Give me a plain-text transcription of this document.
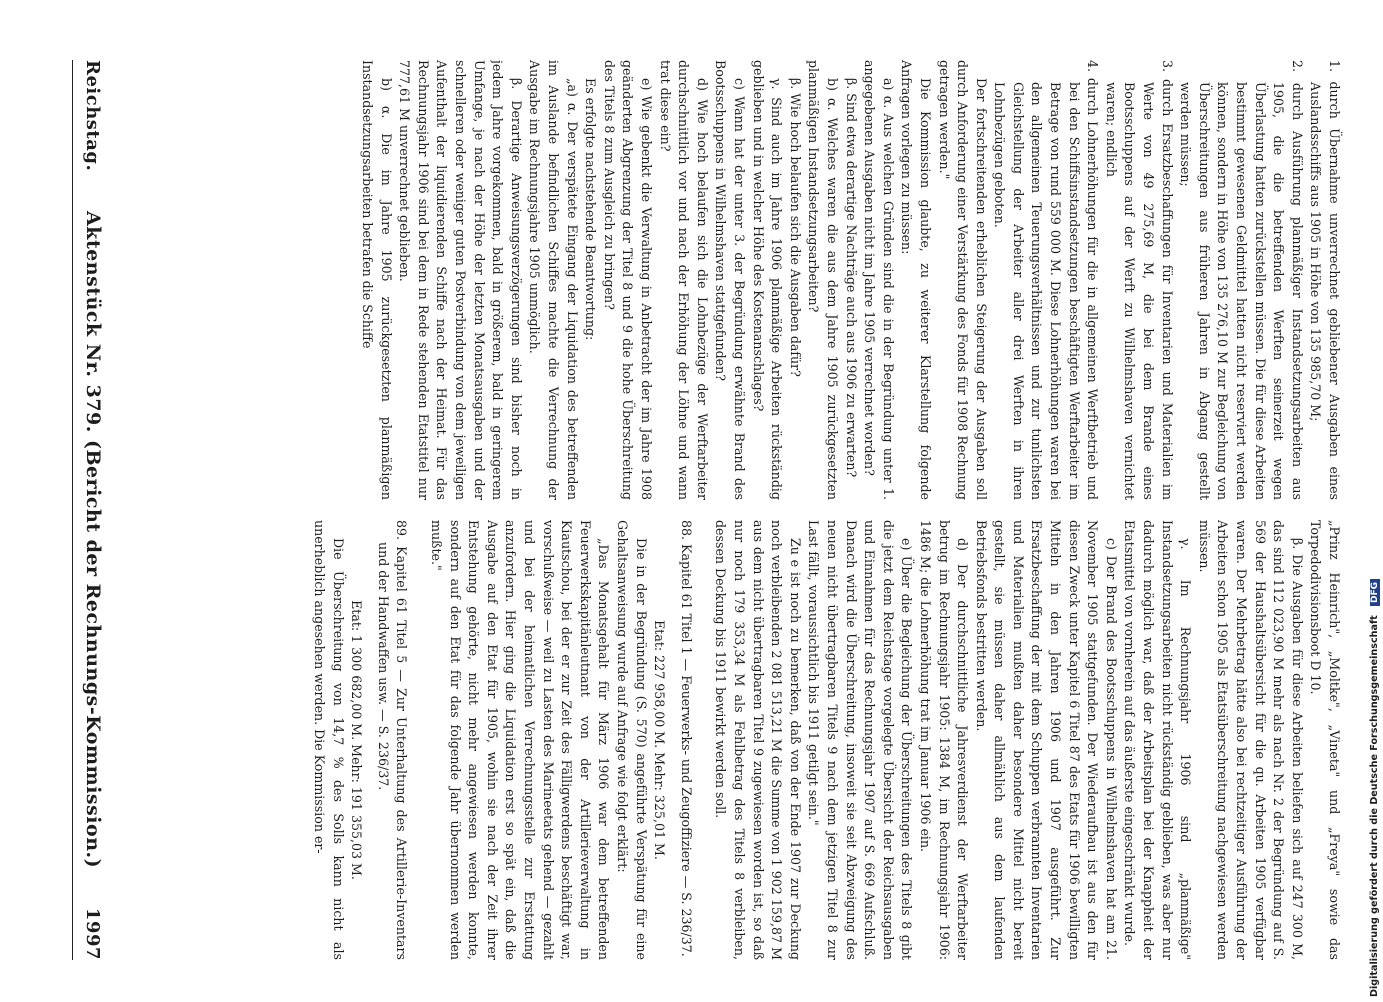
Reichstag.
Aktenstück Nr. 379. (Bericht der Rechnungs-Kommission.)
1997

1. durch Übernahme unverrechnet gebliebener Ausgaben eines Auslandsschiffs aus 1905 in Höhe von 135 985,70 M;

2. durch Ausführung planmäßiger Instandsetzungsarbeiten aus 1905, die die betreffenden Werften seinerzeit wegen Überlastung hatten zurückstellen müssen. Die für diese Arbeiten bestimmt gewesenen Geldmittel hatten nicht reserviert werden können, sondern in Höhe von 135 276,10 M zur Begleichung von Überschreitungen aus früheren Jahren in Abgang gestellt werden müssen;

3. durch Ersatzbeschaffungen für Inventarien und Materialien im Werte von 49 275,69 M, die bei dem Brande eines Bootsschuppens auf der Werft zu Wilhelmshaven vernichtet waren; endlich

4. durch Lohnerhöhungen für die in allgemeinen Werftbetrieb und bei den Schiffsinstandsetzungen beschäftigten Werftarbeiter im Betrage von rund 559 000 M. Diese Lohnerhöhungen waren bei den allgemeinen Teuerungsverhältnissen und zur tunlichsten Gleichstellung der Arbeiter aller drei Werften in ihren Lohnbezügen geboten.

Der fortschreitenden erheblichen Steigerung der Ausgaben soll durch Anforderung einer Verstärkung des Fonds für 1908 Rechnung getragen werden."

Die Kommission glaubte, zu weiterer Klarstellung folgende Anfragen vorlegen zu müssen:

a) α. Aus welchen Gründen sind die in der Begründung unter 1. angegebenen Ausgaben nicht im Jahre 1905 verrechnet worden?

β. Sind etwa derartige Nachträge auch aus 1906 zu erwarten?

b) α. Welches waren die aus dem Jahre 1905 zurückgesetzten planmäßigen Instandsetzungsarbeiten?

β. Wie hoch belaufen sich die Ausgaben dafür?

γ. Sind auch im Jahre 1906 planmäßige Arbeiten rückständig geblieben und in welcher Höhe des Kostenanschlages?

c) Wann hat der unter 3. der Begründung erwähnte Brand des Bootsschuppens in Wilhelmshaven stattgefunden?

d) Wie hoch belaufen sich die Lohnbezüge der Werftarbeiter durchschnittlich vor und nach der Erhöhung der Löhne und wann trat diese ein?

e) Wie gebenkt die Verwaltung in Anbetracht der im Jahre 1908 geänderten Abgrenzung der Titel 8 und 9 die hohe Überschreitung des Titels 8 zum Ausgleich zu bringen?

Es erfolgte nachstehende Beantwortung:

„a) α. Der verspätete Eingang der Liquidation des betreffenden im Auslande befindlichen Schiffes machte die Verrechnung der Ausgabe im Rechnungsjahre 1905 unmöglich.

β. Derartige Anweisungsverzögerungen sind bisher noch in jedem Jahre vorgekommen, bald in größerem, bald in geringerem Umfange, je nach der Höhe der letzten Monatsausgaben und der schnelleren oder weniger guten Postverbindung von dem jeweiligen Aufenthalt der liquidierenden Schiffe nach der Heimat. Für das Rechnungsjahr 1906 sind bei dem in Rede stehenden Etatstitel nur 777,61 M unverrechnet geblieben.

b) α. Die im Jahre 1905 zurückgesetzten planmäßigen Instandsetzungsarbeiten betrafen die Schiffe

„Prinz Heinrich", „Moltke", „Vineta" und „Freya" sowie das Torpedodivisionsboot D 10.

β. Die Ausgaben für diese Arbeiten beliefen sich auf 247 300 M, das sind 112 023,90 M mehr als nach Nr. 2 der Begründung auf S. 569 der Haushaltsübersicht für die qu. Arbeiten 1905 verfügbar waren. Der Mehrbetrag hätte also bei rechtzeitiger Ausführung der Arbeiten schon 1905 als Etatsüberschreitung nachgewiesen werden müssen.

γ. Im Rechnungsjahr 1906 sind „planmäßige" Instandsetzungsarbeiten nicht rückständig geblieben, was aber nur dadurch möglich war, daß der Arbeitsplan bei der Knappheit der Etatsmittel von vornherein auf das äußerste eingeschränkt wurde.

c) Der Brand des Bootsschuppens in Wilhelmshaven hat am 21. November 1905 stattgefunden. Der Wiederaufbau ist aus den für diesen Zweck unter Kapitel 6 Titel 87 des Etats für 1906 bewilligten Mitteln in den Jahren 1906 und 1907 ausgeführt. Zur Ersatzbeschaffung der mit dem Schuppen verbrannten Inventarien und Materialien mußten daher besondere Mittel nicht bereit gestellt, sie müssen daher allmählich aus dem laufenden Betriebsfonds bestritten werden.

d) Der durchschnittliche Jahresverdienst der Werftarbeiter betrug im Rechnungsjahr 1905: 1384 M, im Rechnungsjahr 1906: 1486 M; die Lohnerhöhung trat im Januar 1906 ein.

e) Über die Begleichung der Überschreitungen des Titels 8 gibt die jetzt dem Reichstage vorgelegte Übersicht der Reichsausgaben und Einnahmen für das Rechnungsjahr 1907 auf S. 669 Aufschluß. Danach wird die Überschreitung, insoweit sie seit Abzweigung des neuen nicht übertragbaren Titels 9 nach dem jetzigen Titel 8 zur Last fällt, voraussichtlich bis 1911 getilgt sein."

Zu e ist noch zu bemerken, daß von der Ende 1907 zur Deckung noch verbleibenden 2 081 513,21 M die Summe von 1 902 159,87 M aus dem nicht übertragbaren Titel 9 zugewiesen worden ist, so daß nur noch 179 353,34 M als Fehlbetrag des Titels 8 verbleiben, dessen Deckung bis 1911 bewirkt werden soll.

88. Kapitel 61 Titel 1 — Feuerwerks- und Zeugoffiziere — S. 236/37.

Etat: 227 958,00 M. Mehr: 325,01 M.

Die in der Begründung (S. 570) angeführte Verspätung für eine Gehaltsanweisung wurde auf Anfrage wie folgt erklärt:

„Das Monatsgehalt für März 1906 war dem betreffenden Feuerwerkskapitänleutnant von der Artillerieverwaltung in Kiautschou, bei der er zur Zeit des Fälligwerdens beschäftigt war, vorschußweise — weil zu Lasten des Marineetats gehend — gezahlt und bei der heimatlichen Verrechnungsstelle zur Erstattung anzufordern. Hier ging die Liquidation erst so spät ein, daß die Ausgabe auf den Etat für 1905, wohin sie nach der Zeit ihrer Entstehung gehörte, nicht mehr angewiesen werden konnte, sondern auf den Etat für das folgende Jahr übernommen werden mußte."

89. Kapitel 61 Titel 5 — Zur Unterhaltung des Artillerie-Inventars und der Handwaffen usw. — S. 236/37.

Etat: 1 300 682,00 M. Mehr: 191 355,03 M.

Die Überschreitung von 14,7 % des Solls kann nicht als unerheblich angesehen werden. Die Kommission er-	Digitalisierung gefördert durch die Deutsche Forschungsgemeinschaft DFG
